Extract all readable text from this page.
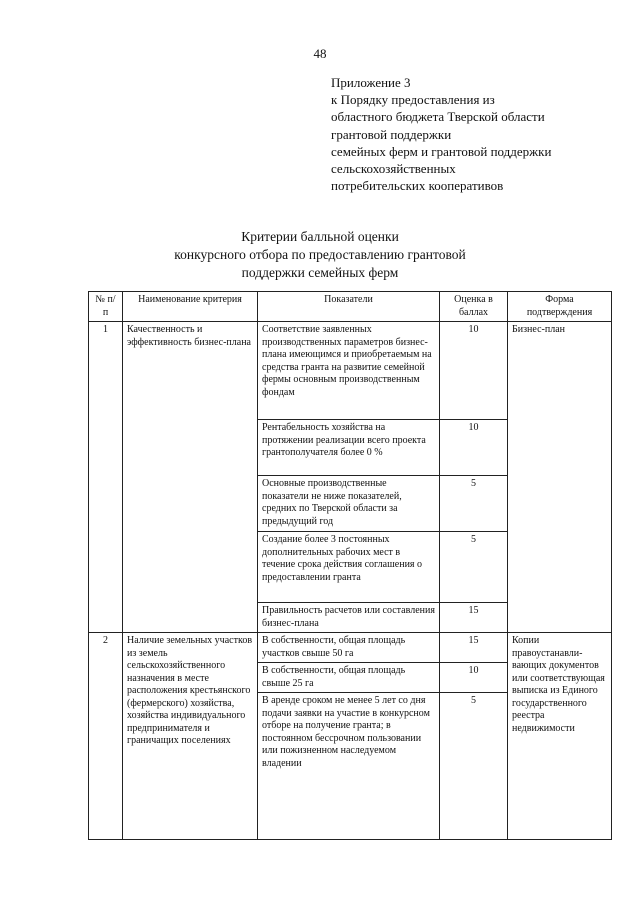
48
Приложение 3
к Порядку предоставления из
областного бюджета Тверской области
грантовой поддержки
семейных ферм и грантовой поддержки
сельскохозяйственных
потребительских кооперативов
Критерии балльной оценки
конкурсного отбора по предоставлению грантовой
поддержки семейных ферм
№ п/п	Наименование критерия	Показатели	Оценка в баллах	Форма подтверждения
1	Качественность и эффективность бизнес-плана	Соответствие заявленных производственных параметров бизнес-плана имеющимся и приобретаемым на средства гранта на развитие семейной фермы основным производственным фондам	10	Бизнес-план
		Рентабельность хозяйства на протяжении реализации всего проекта грантополучателя более 0 %	10	
		Основные производственные показатели не ниже показателей, средних по Тверской области за предыдущий год	5	
		Создание более 3 постоянных дополнительных рабочих мест в течение срока действия соглашения о предоставлении гранта	5	
		Правильность расчетов или составления бизнес-плана	15	
2	Наличие земельных участков из земель сельскохозяйственного назначения в месте расположения крестьянского (фермерского) хозяйства, хозяйства индивидуального предпринимателя и граничащих поселениях	В собственности, общая площадь участков свыше 50 га	15	Копии правоустанавли-вающих документов или соответствующая выписка из Единого государственного реестра недвижимости
		В собственности, общая площадь свыше 25 га	10	
		В аренде сроком не менее 5 лет со дня подачи заявки на участие в конкурсном отборе на получение гранта; в постоянном бессрочном пользовании или пожизненном наследуемом владении	5	
